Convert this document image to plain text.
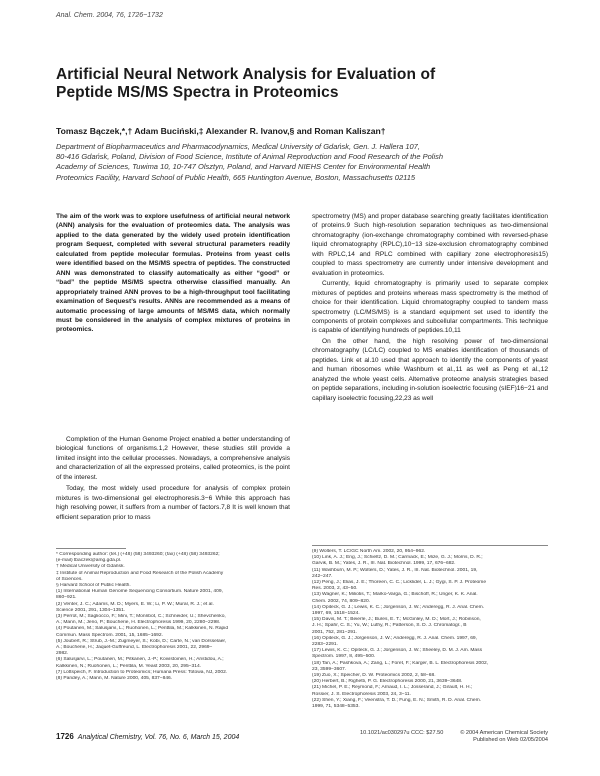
Anal. Chem. 2004, 76, 1726−1732
Artificial Neural Network Analysis for Evaluation of
Peptide MS/MS Spectra in Proteomics
Tomasz Bączek,*,† Adam Buciński,‡ Alexander R. Ivanov,§ and Roman Kaliszan†
Department of Biopharmaceutics and Pharmacodynamics, Medical University of Gdańsk, Gen. J. Hallera 107,
80-416 Gdańsk, Poland, Division of Food Science, Institute of Animal Reproduction and Food Research of the Polish
Academy of Sciences, Tuwima 10, 10-747 Olsztyn, Poland, and Harvard NIEHS Center for Environmental Health
Proteomics Facility, Harvard School of Public Health, 665 Huntington Avenue, Boston, Massachusetts 02115

The aim of the work was to explore usefulness of artificial neural network (ANN) analysis for the evaluation of proteomics data. The analysis was applied to the data generated by the widely used protein identification program Sequest, completed with several structural parameters readily calculated from peptide molecular formulas. Proteins from yeast cells were identified based on the MS/MS spectra of peptides. The constructed ANN was demonstrated to classify automatically as either “good” or “bad” the peptide MS/MS spectra otherwise classified manually. An appropriately trained ANN proves to be a high-throughput tool facilitating examination of Sequest’s results. ANNs are recommended as a means of automatic processing of large amounts of MS/MS data, which normally must be considered in the analysis of complex mixtures of proteins in proteomics.

Completion of the Human Genome Project enabled a better understanding of biological functions of organisms.1,2 However, these studies still provide a limited insight into the cellular processes. Nowadays, a comprehensive analysis and characterization of all the expressed proteins, called proteomics, is the point of the interest.

Today, the most widely used procedure for analysis of complex protein mixtures is two-dimensional gel electrophoresis.3−6 While this approach has high resolving power, it suffers from a number of factors.7,8 It is well known that efficient separation prior to mass

* Corresponding author: (tel.) (+48) (58) 3493260; (fax) (+48) (58) 3493262;
(e-mail) tbaczek@amg.gda.pl.
† Medical University of Gdańsk.
‡ Institute of Animal Reproduction and Food Research of the Polish Academy
of Sciences.
§ Harvard School of Public Health.
(1) International Human Genome Sequencing Consortium. Nature 2001, 409,
860−921.
(2) Venter, J. C.; Adams, M. D.; Myers, E. W.; Li, P. W.; Mural, R. J.; et al.
Science 2001, 291, 1304−1351.
(3) Perrot, M.; Sagliocco, F.; Mini, T.; Monribot, C.; Schneider, U.; Shevchenko,
A.; Mann, M.; Jeno, P.; Boucherie, H. Electrophoresis 1999, 20, 2280−2298.
(4) Poutanen, M.; Salusjarvi, L.; Ruohonen, L.; Penttila, M.; Kalkkinen, N. Rapid
Commun. Mass Spectrom. 2001, 15, 1685−1692.
(5) Joubert, R.; Strub, J.-M.; Zugmeyer, S.; Kobi, D.; Carte, N.; van Dorsselaer,
A.; Boucherie, H.; Jaquet-Guffreund, L. Electrophoresis 2001, 22, 2969−
2982.
(6) Salusjarvi, L.; Poutanen, M.; Pitkanen, J.-P.; Koivistoinen, H.; Aristidou, A.;
Kalkkinen, N.; Ruohonen, L.; Penttila, M. Yeast 2003, 20, 295−314.
(7) Lottspeich, F. Introduction to Proteomics; Humana Press: Totowa, NJ, 2002.
(8) Pandey, A.; Mann, M. Nature 2000, 405, 837−846.

spectrometry (MS) and proper database searching greatly facilitates identification of proteins.9 Such high-resolution separation techniques as two-dimensional chromatography (ion-exchange chromatography combined with reversed-phase liquid chromatography (RPLC),10−13 size-exclusion chromatography combined with RPLC,14 and RPLC combined with capillary zone electrophoresis15) coupled to mass spectrometry are currently under intensive development and evaluation in proteomics.

Currently, liquid chromatography is primarily used to separate complex mixtures of peptides and proteins whereas mass spectrometry is the method of choice for their identification. Liquid chromatography coupled to tandem mass spectrometry (LC/MS/MS) is a standard equipment set used to identify the components of protein complexes and subcellular compartments. This technique is capable of identifying hundreds of peptides.10,11

On the other hand, the high resolving power of two-dimensional chromatography (LC/LC) coupled to MS enables identification of thousands of peptides. Link et al.10 used that approach to identify the components of yeast and human ribosomes while Washburn et al.,11 as well as Peng et al.,12 analyzed the whole yeast cells. Alternative proteome analysis strategies based on peptide separations, including in-solution isoelectric focusing (sIEF)16−21 and capillary isoelectric focusing,22,23 as well

(9) Wolters, T. LC/GC North Am. 2002, 20, 954−962.
(10) Link, A. J.; Eng, J.; Schieltz, D. M.; Carmack, E.; Mize, G. J.; Morris, D. R.;
Garvik, B. M.; Yates, J. R., III. Nat. Biotechnol. 1999, 17, 676−682.
(11) Washburn, M. P.; Wolters, D.; Yates, J. R., III. Nat. Biotechnol. 2001, 19,
242−247.
(12) Peng, J.; Elias, J. E.; Thoreen, C. C.; Licklider, L. J.; Gygi, S. P. J. Proteome
Res. 2003, 2, 43−50.
(13) Wagner, K.; Miliotis, T.; Marko-Varga, G.; Bischoff, R.; Unger, K. K. Anal.
Chem. 2002, 74, 809−820.
(14) Opiteck, G. J.; Lewis, K. C.; Jorgenson, J. W.; Anderegg, R. J. Anal. Chem.
1997, 69, 1518−1524.
(15) Davis, M. T.; Beierle, J.; Bures, E. T.; McGinley, M. D.; Mort, J.; Robinson,
J. H.; Spahr, C. S.; Yu, W.; Luthy, R.; Patterson, S. D. J. Chromatogr., B
2001, 752, 281−291.
(16) Opiteck, G. J.; Jorgenson, J. W.; Anderegg, R. J. Anal. Chem. 1997, 69,
2283−2291.
(17) Lewis, K. C.; Opiteck, G. J.; Jorgenson, J. W.; Sheeley, D. M. J. Am. Mass
Spectrom. 1997, 8, 495−500.
(18) Tan, A.; Pashkova, A.; Zang, L.; Foret, F.; Karger, B. L. Electrophoresis 2002,
23, 3599−3607.
(19) Zuo, X.; Speicher, D. W. Proteomics 2002, 2, 58−68.
(20) Herbert, B.; Righetti, P. G. Electrophoresis 2000, 21, 3639−3648.
(21) Michel, P. E.; Reymond, F.; Arnaud, I. L.; Josserand, J.; Girault, H. H.;
Rossier, J. S. Electrophoresis 2003, 24, 3−11.
(22) Shen, Y.; Xiang, F.; Veenstra, T. D.; Fung, E. N.; Smith, R. D. Anal. Chem.
1999, 71, 5348−5353.
1726 Analytical Chemistry, Vol. 76, No. 6, March 15, 2004
10.1021/ac030297u CCC: $27.50	© 2004 American Chemical Society
Published on Web 02/05/2004
